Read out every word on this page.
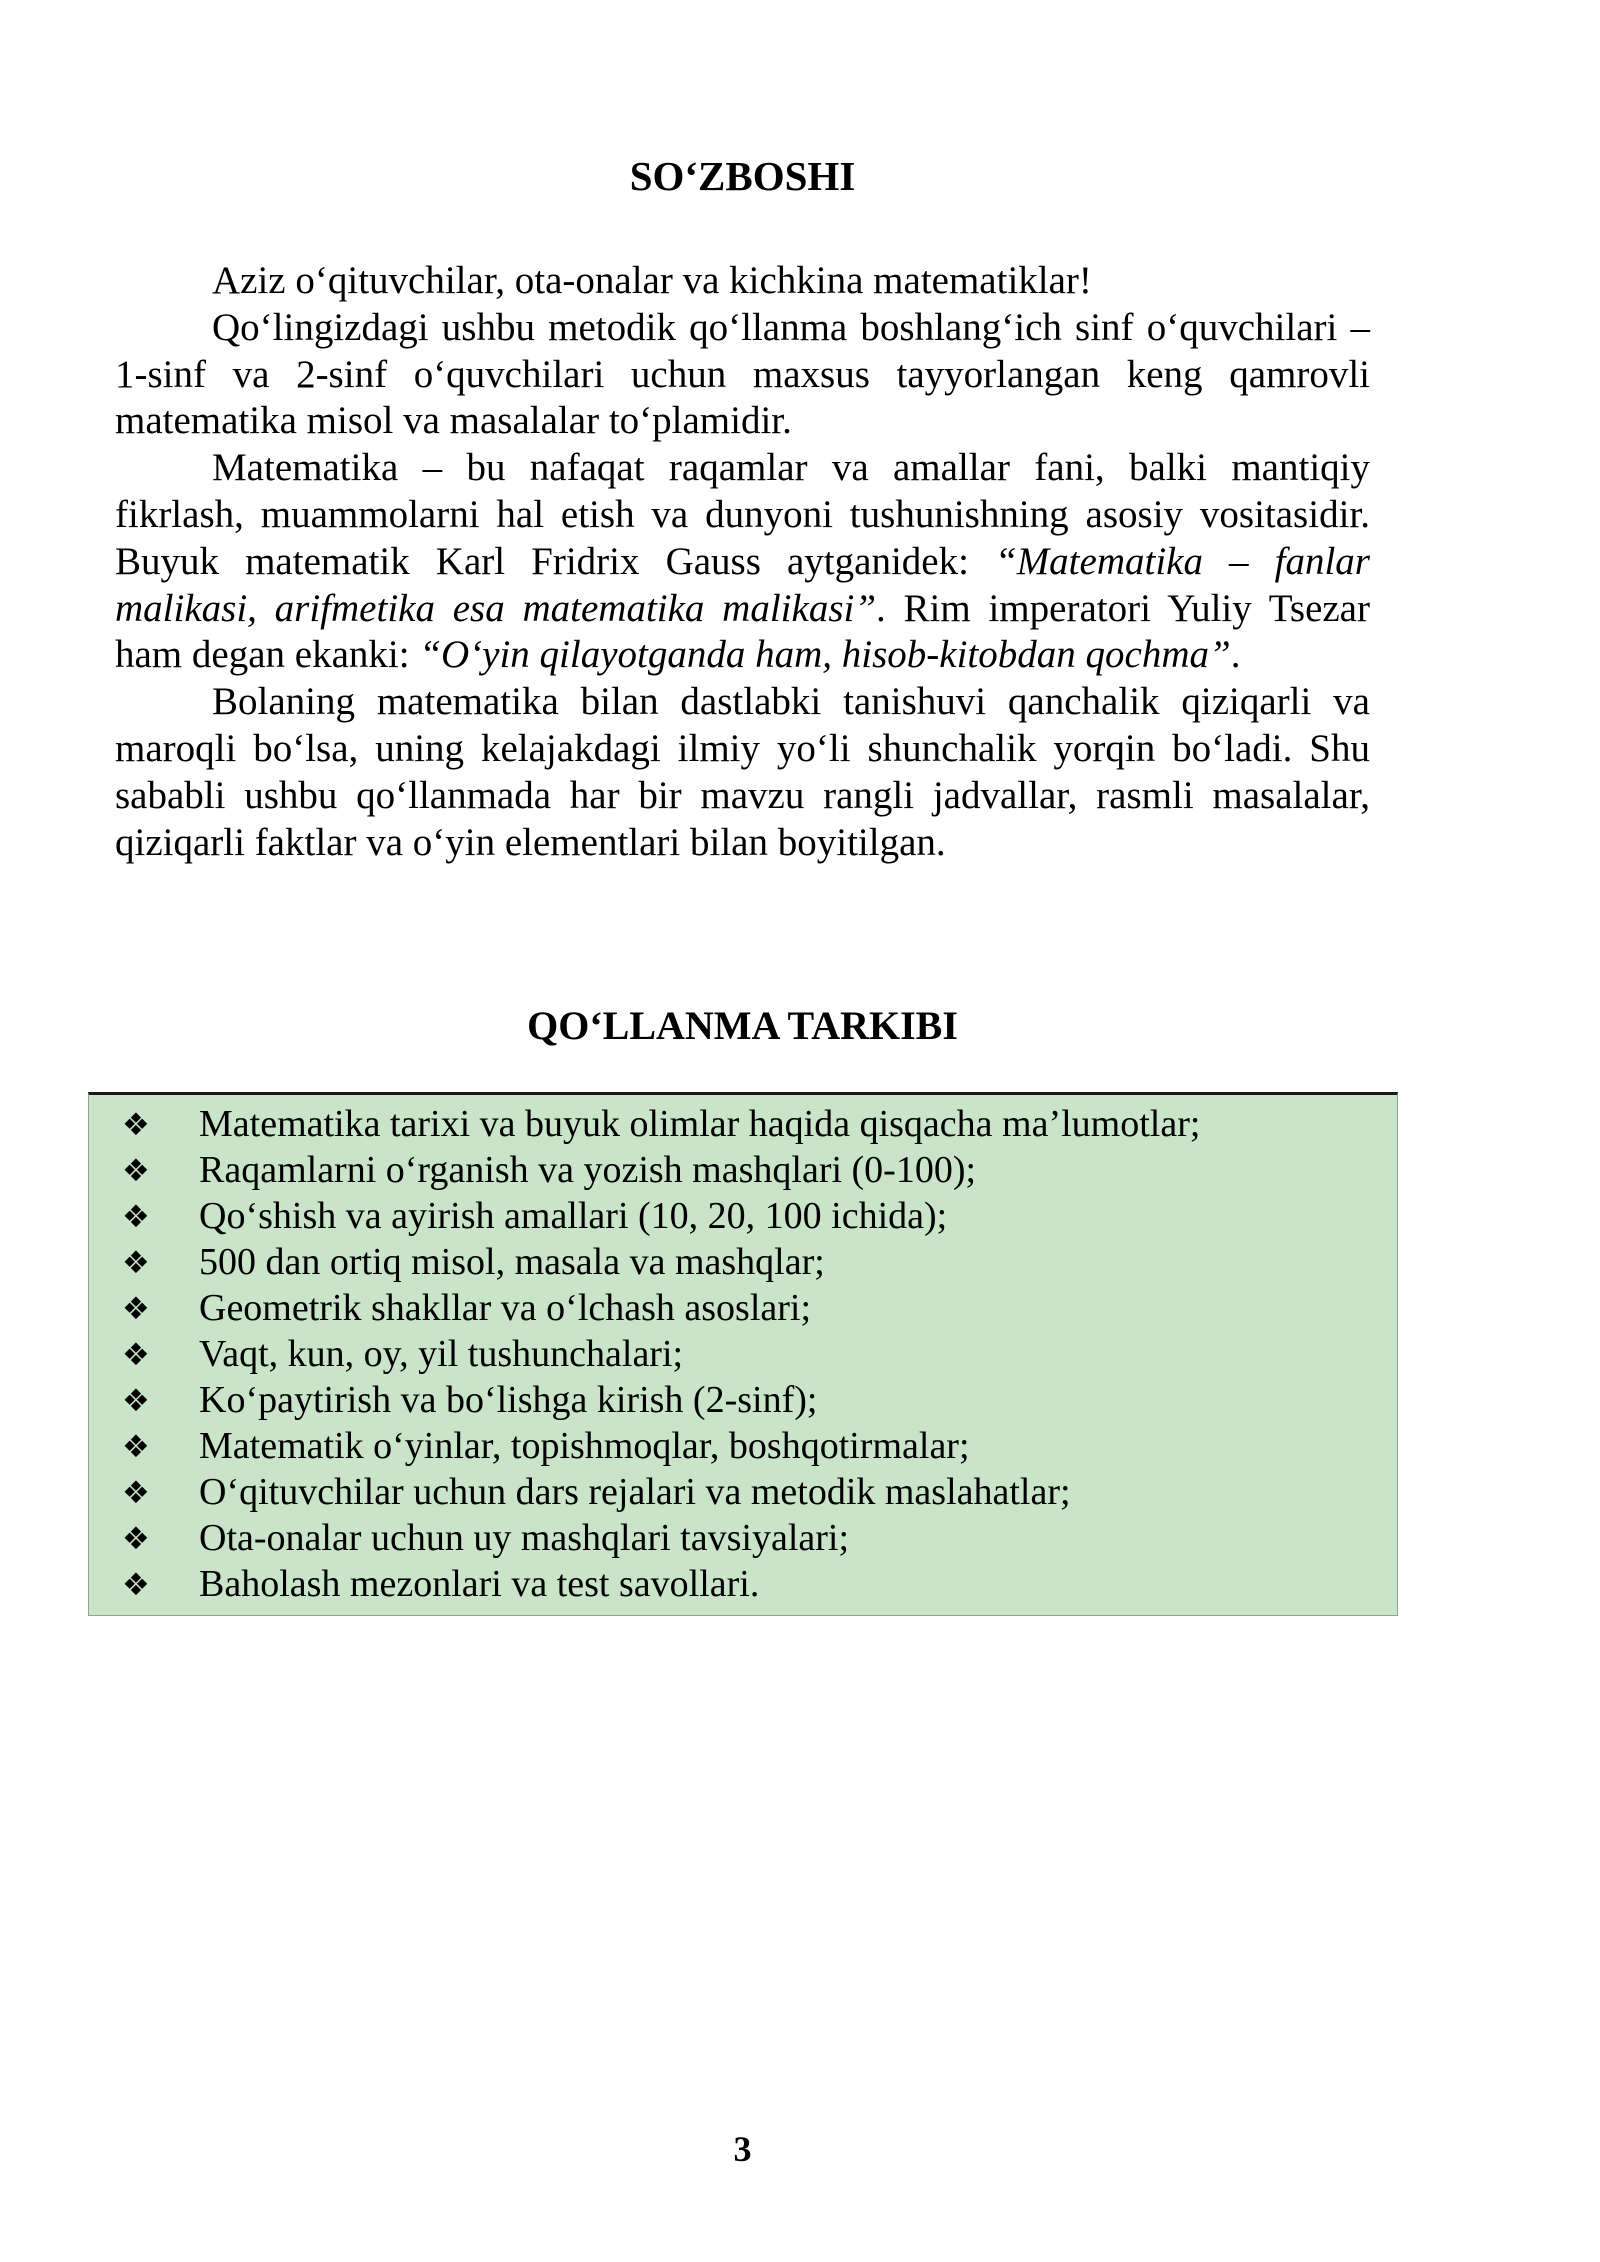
SO‘ZBOSHI

Aziz o‘qituvchilar, ota-onalar va kichkina matematiklar!

Qo‘lingizdagi ushbu metodik qo‘llanma boshlang‘ich sinf o‘quvchilari – 1-sinf va 2-sinf o‘quvchilari uchun maxsus tayyorlangan keng qamrovli matematika misol va masalalar to‘plamidir.

Matematika – bu nafaqat raqamlar va amallar fani, balki mantiqiy fikrlash, muammolarni hal etish va dunyoni tushunishning asosiy vositasidir. Buyuk matematik Karl Fridrix Gauss aytganidek: “Matematika – fanlar malikasi, arifmetika esa matematika malikasi”. Rim imperatori Yuliy Tsezar ham degan ekanki: “O‘yin qilayotganda ham, hisob-kitobdan qochma”.

Bolaning matematika bilan dastlabki tanishuvi qanchalik qiziqarli va maroqli bo‘lsa, uning kelajakdagi ilmiy yo‘li shunchalik yorqin bo‘ladi. Shu sababli ushbu qo‘llanmada har bir mavzu rangli jadvallar, rasmli masalalar, qiziqarli faktlar va o‘yin elementlari bilan boyitilgan.

QO‘LLANMA TARKIBI
❖ Matematika tarixi va buyuk olimlar haqida qisqacha ma’lumotlar;
❖ Raqamlarni o‘rganish va yozish mashqlari (0-100);
❖ Qo‘shish va ayirish amallari (10, 20, 100 ichida);
❖ 500 dan ortiq misol, masala va mashqlar;
❖ Geometrik shakllar va o‘lchash asoslari;
❖ Vaqt, kun, oy, yil tushunchalari;
❖ Ko‘paytirish va bo‘lishga kirish (2-sinf);
❖ Matematik o‘yinlar, topishmoqlar, boshqotirmalar;
❖ O‘qituvchilar uchun dars rejalari va metodik maslahatlar;
❖ Ota-onalar uchun uy mashqlari tavsiyalari;
❖ Baholash mezonlari va test savollari.
3
